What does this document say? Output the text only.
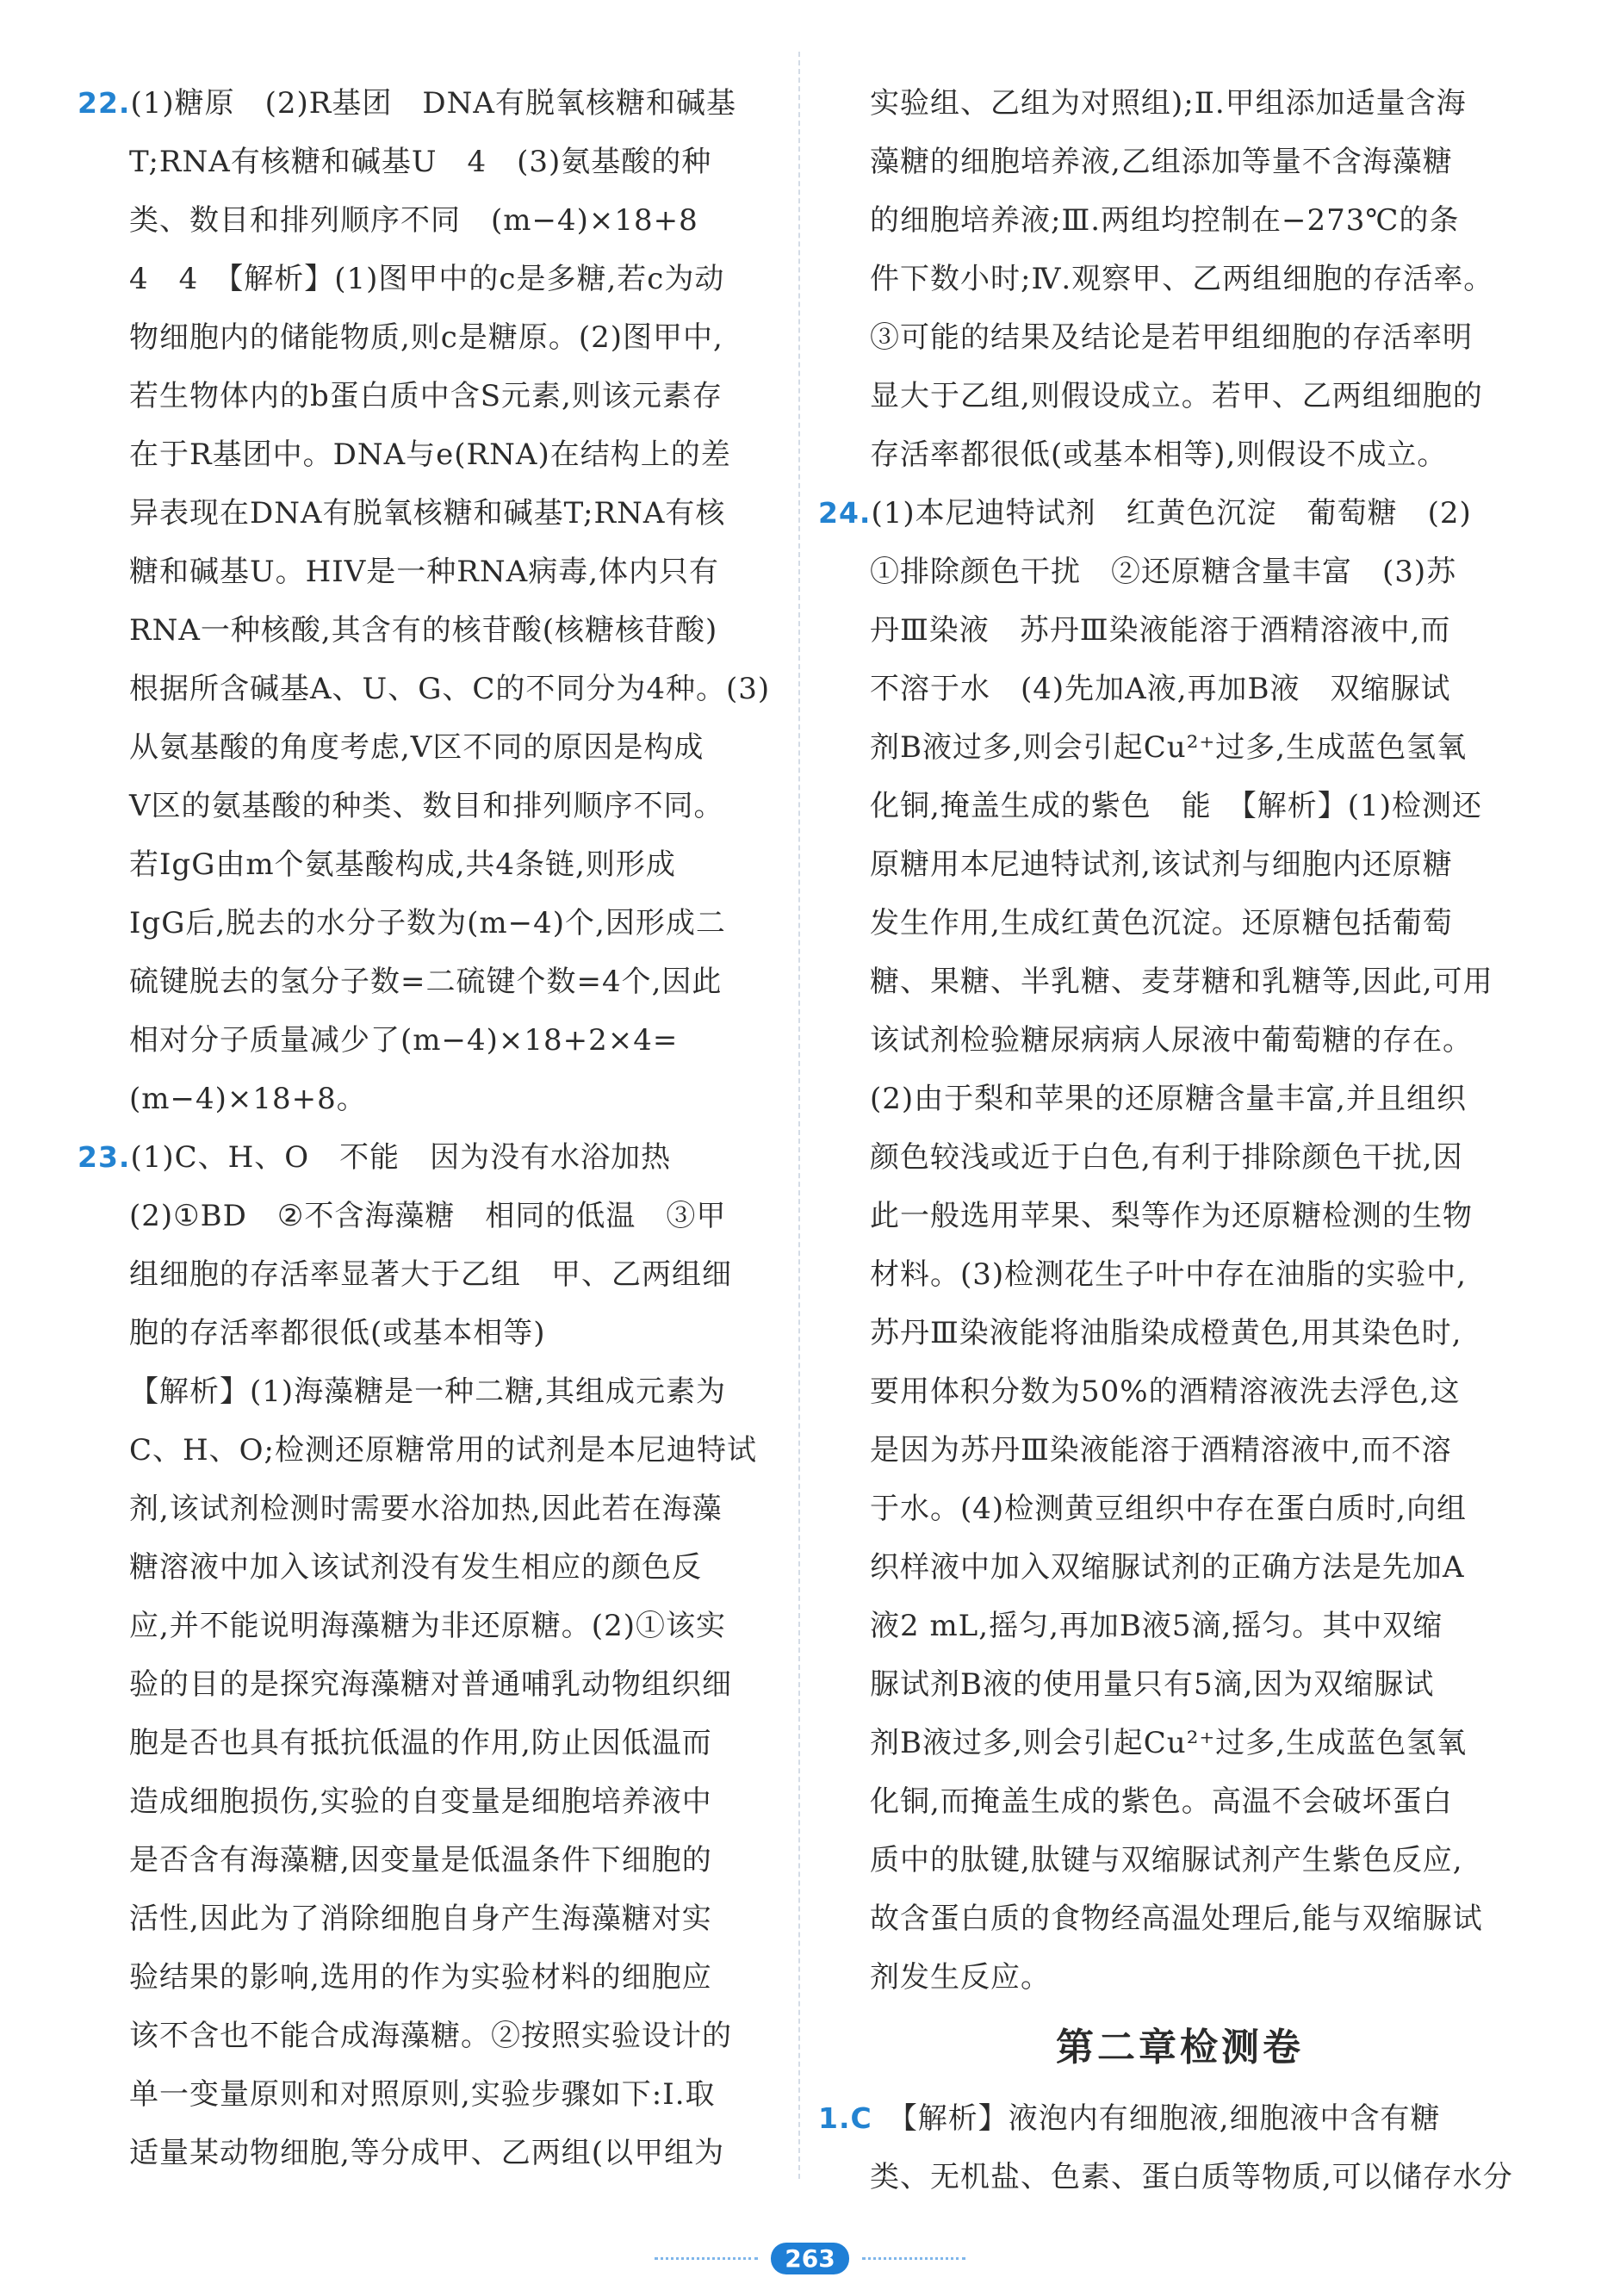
22.(1)糖原　(2)R基团　DNA有脱氧核糖和碱基
T;RNA有核糖和碱基U　4　(3)氨基酸的种
类、数目和排列顺序不同　(m−4)×18+8
4　4　【解析】(1)图甲中的c是多糖,若c为动
物细胞内的储能物质,则c是糖原。(2)图甲中,
若生物体内的b蛋白质中含S元素,则该元素存
在于R基团中。DNA与e(RNA)在结构上的差
异表现在DNA有脱氧核糖和碱基T;RNA有核
糖和碱基U。HIV是一种RNA病毒,体内只有
RNA一种核酸,其含有的核苷酸(核糖核苷酸)
根据所含碱基A、U、G、C的不同分为4种。(3)
从氨基酸的角度考虑,V区不同的原因是构成
V区的氨基酸的种类、数目和排列顺序不同。
若IgG由m个氨基酸构成,共4条链,则形成
IgG后,脱去的水分子数为(m−4)个,因形成二
硫键脱去的氢分子数=二硫键个数=4个,因此
相对分子质量减少了(m−4)×18+2×4=
(m−4)×18+8。
23.(1)C、H、O　不能　因为没有水浴加热
(2)①BD　②不含海藻糖　相同的低温　③甲
组细胞的存活率显著大于乙组　甲、乙两组细
胞的存活率都很低(或基本相等)
【解析】(1)海藻糖是一种二糖,其组成元素为
C、H、O;检测还原糖常用的试剂是本尼迪特试
剂,该试剂检测时需要水浴加热,因此若在海藻
糖溶液中加入该试剂没有发生相应的颜色反
应,并不能说明海藻糖为非还原糖。(2)①该实
验的目的是探究海藻糖对普通哺乳动物组织细
胞是否也具有抵抗低温的作用,防止因低温而
造成细胞损伤,实验的自变量是细胞培养液中
是否含有海藻糖,因变量是低温条件下细胞的
活性,因此为了消除细胞自身产生海藻糖对实
验结果的影响,选用的作为实验材料的细胞应
该不含也不能合成海藻糖。②按照实验设计的
单一变量原则和对照原则,实验步骤如下:Ⅰ.取
适量某动物细胞,等分成甲、乙两组(以甲组为
实验组、乙组为对照组);Ⅱ.甲组添加适量含海
藻糖的细胞培养液,乙组添加等量不含海藻糖
的细胞培养液;Ⅲ.两组均控制在−273℃的条
件下数小时;Ⅳ.观察甲、乙两组细胞的存活率。
③可能的结果及结论是若甲组细胞的存活率明
显大于乙组,则假设成立。若甲、乙两组细胞的
存活率都很低(或基本相等),则假设不成立。
24.(1)本尼迪特试剂　红黄色沉淀　葡萄糖　(2)
①排除颜色干扰　②还原糖含量丰富　(3)苏
丹Ⅲ染液　苏丹Ⅲ染液能溶于酒精溶液中,而
不溶于水　(4)先加A液,再加B液　双缩脲试
剂B液过多,则会引起Cu²⁺过多,生成蓝色氢氧
化铜,掩盖生成的紫色　能　【解析】(1)检测还
原糖用本尼迪特试剂,该试剂与细胞内还原糖
发生作用,生成红黄色沉淀。还原糖包括葡萄
糖、果糖、半乳糖、麦芽糖和乳糖等,因此,可用
该试剂检验糖尿病病人尿液中葡萄糖的存在。
(2)由于梨和苹果的还原糖含量丰富,并且组织
颜色较浅或近于白色,有利于排除颜色干扰,因
此一般选用苹果、梨等作为还原糖检测的生物
材料。(3)检测花生子叶中存在油脂的实验中,
苏丹Ⅲ染液能将油脂染成橙黄色,用其染色时,
要用体积分数为50%的酒精溶液洗去浮色,这
是因为苏丹Ⅲ染液能溶于酒精溶液中,而不溶
于水。(4)检测黄豆组织中存在蛋白质时,向组
织样液中加入双缩脲试剂的正确方法是先加A
液2 mL,摇匀,再加B液5滴,摇匀。其中双缩
脲试剂B液的使用量只有5滴,因为双缩脲试
剂B液过多,则会引起Cu²⁺过多,生成蓝色氢氧
化铜,而掩盖生成的紫色。高温不会破坏蛋白
质中的肽键,肽键与双缩脲试剂产生紫色反应,
故含蛋白质的食物经高温处理后,能与双缩脲试
剂发生反应。
第二章检测卷
1.C　【解析】液泡内有细胞液,细胞液中含有糖
类、无机盐、色素、蛋白质等物质,可以储存水分
263
